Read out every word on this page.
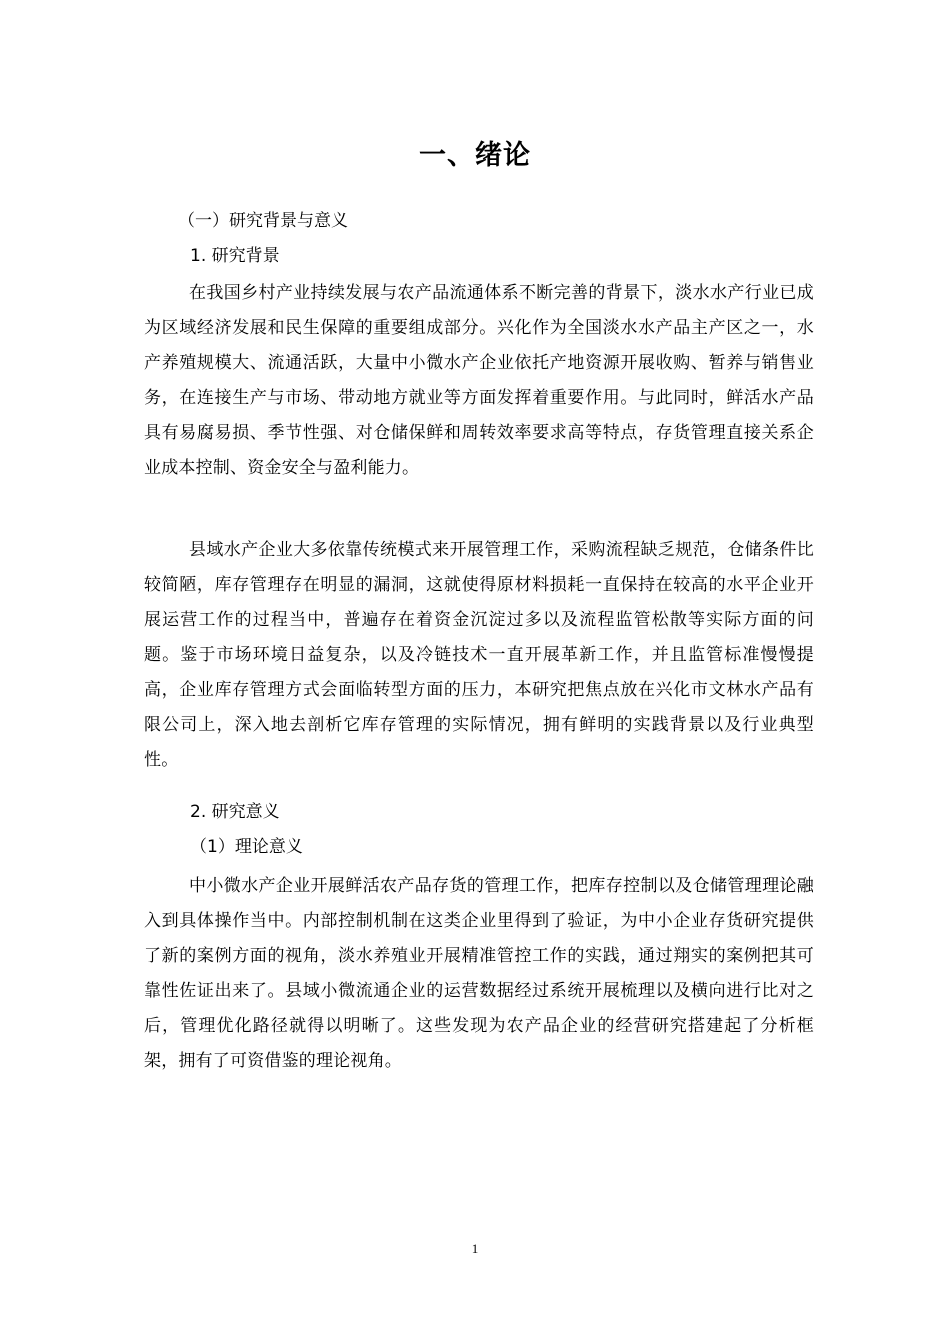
一、绪论
（一）研究背景与意义
1. 研究背景
在我国乡村产业持续发展与农产品流通体系不断完善的背景下，淡水水产行业已成为区域经济发展和民生保障的重要组成部分。兴化作为全国淡水水产品主产区之一，水产养殖规模大、流通活跃，大量中小微水产企业依托产地资源开展收购、暂养与销售业务，在连接生产与市场、带动地方就业等方面发挥着重要作用。与此同时，鲜活水产品具有易腐易损、季节性强、对仓储保鲜和周转效率要求高等特点，存货管理直接关系企业成本控制、资金安全与盈利能力。
县域水产企业大多依靠传统模式来开展管理工作，采购流程缺乏规范，仓储条件比较简陋，库存管理存在明显的漏洞，这就使得原材料损耗一直保持在较高的水平企业开展运营工作的过程当中，普遍存在着资金沉淀过多以及流程监管松散等实际方面的问题。鉴于市场环境日益复杂，以及冷链技术一直开展革新工作，并且监管标准慢慢提高，企业库存管理方式会面临转型方面的压力，本研究把焦点放在兴化市文林水产品有限公司上，深入地去剖析它库存管理的实际情况，拥有鲜明的实践背景以及行业典型性。
2. 研究意义
（1）理论意义
中小微水产企业开展鲜活农产品存货的管理工作，把库存控制以及仓储管理理论融入到具体操作当中。内部控制机制在这类企业里得到了验证，为中小企业存货研究提供了新的案例方面的视角，淡水养殖业开展精准管控工作的实践，通过翔实的案例把其可靠性佐证出来了。县域小微流通企业的运营数据经过系统开展梳理以及横向进行比对之后，管理优化路径就得以明晰了。这些发现为农产品企业的经营研究搭建起了分析框架，拥有了可资借鉴的理论视角。
1
